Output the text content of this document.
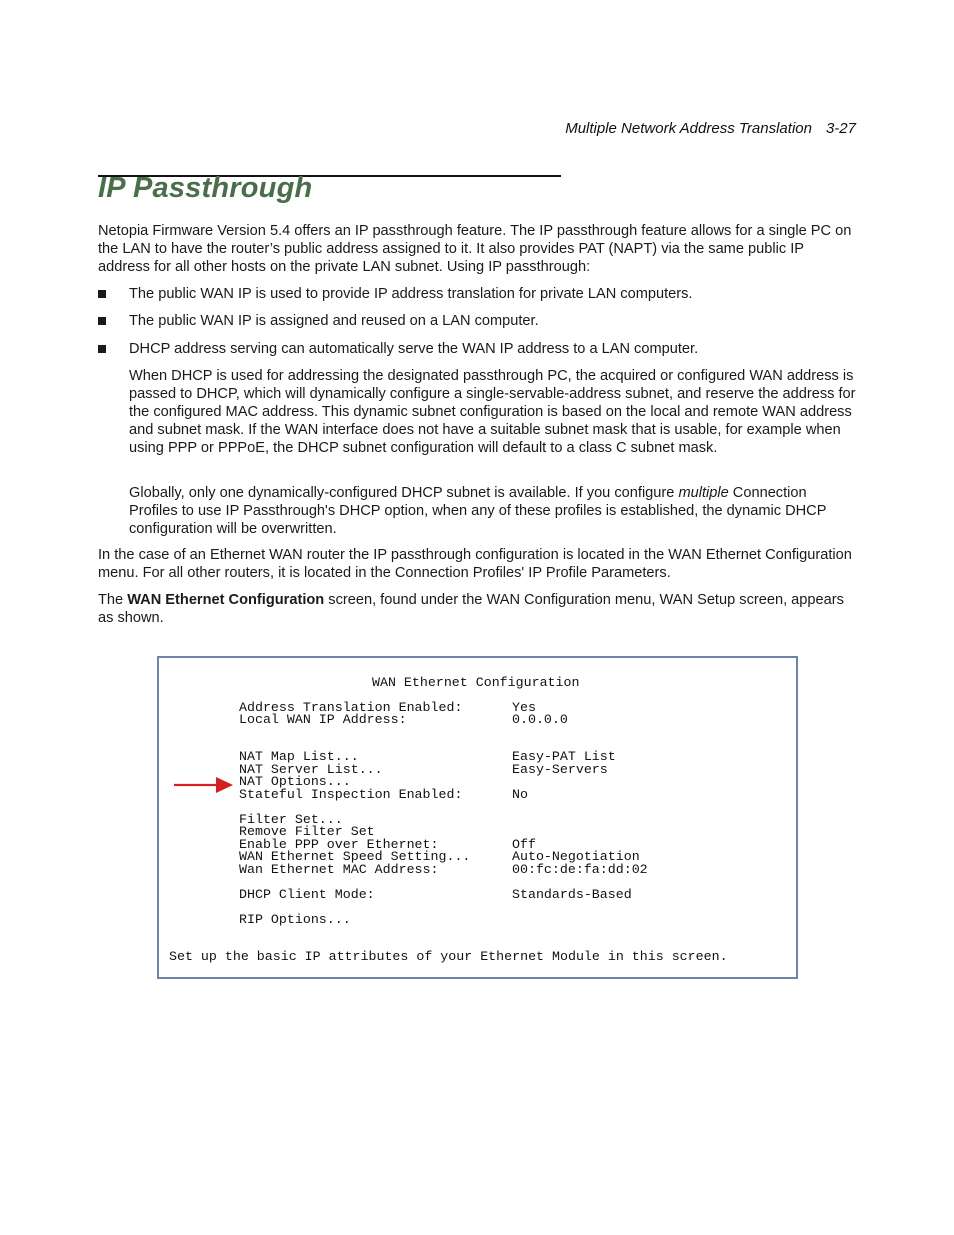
Multiple Network Address Translation 3-27
IP Passthrough

Netopia Firmware Version 5.4 offers an IP passthrough feature. The IP passthrough feature allows for a single PC on the LAN to have the router’s public address assigned to it. It also provides PAT (NAPT) via the same public IP address for all other hosts on the private LAN subnet. Using IP passthrough:

The public WAN IP is used to provide IP address translation for private LAN computers.
The public WAN IP is assigned and reused on a LAN computer.
DHCP address serving can automatically serve the WAN IP address to a LAN computer.

When DHCP is used for addressing the designated passthrough PC, the acquired or configured WAN address is passed to DHCP, which will dynamically configure a single-servable-address subnet, and reserve the address for the configured MAC address. This dynamic subnet configuration is based on the local and remote WAN address and subnet mask. If the WAN interface does not have a suitable subnet mask that is usable, for example when using PPP or PPPoE, the DHCP subnet configuration will default to a class C subnet mask.

Globally, only one dynamically-configured DHCP subnet is available. If you configure multiple Connection Profiles to use IP Passthrough's DHCP option, when any of these profiles is established, the dynamic DHCP configuration will be overwritten.

In the case of an Ethernet WAN router the IP passthrough configuration is located in the WAN Ethernet Configuration menu. For all other routers, it is located in the Connection Profiles' IP Profile Parameters.

The WAN Ethernet Configuration screen, found under the WAN Configuration menu, WAN Setup screen, appears as shown.

WAN Ethernet Configuration
Address Translation Enabled:	Yes
Local WAN IP Address:	0.0.0.0
NAT Map List...	Easy-PAT List
NAT Server List...	Easy-Servers
NAT Options...
Stateful Inspection Enabled:	No
Filter Set...
Remove Filter Set
Enable PPP over Ethernet:	Off
WAN Ethernet Speed Setting...	Auto-Negotiation
Wan Ethernet MAC Address:	00:fc:de:fa:dd:02
DHCP Client Mode:	Standards-Based
RIP Options...
Set up the basic IP attributes of your Ethernet Module in this screen.
